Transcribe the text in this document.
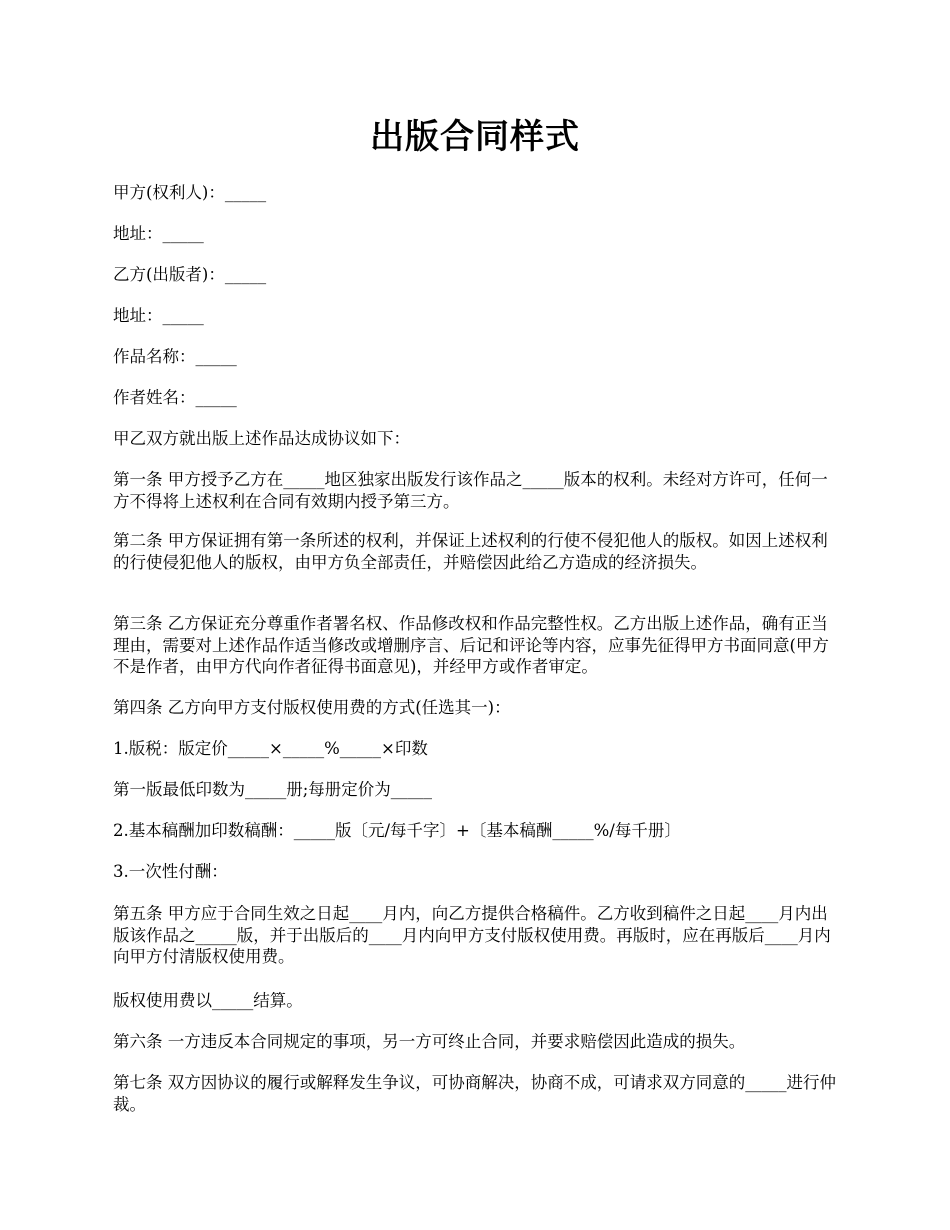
出版合同样式

甲方(权利人)：_____

地址：_____

乙方(出版者)：_____

地址：_____

作品名称：_____

作者姓名：_____

甲乙双方就出版上述作品达成协议如下：

第一条 甲方授予乙方在_____地区独家出版发行该作品之_____版本的权利。未经对方许可，任何一方不得将上述权利在合同有效期内授予第三方。

第二条 甲方保证拥有第一条所述的权利，并保证上述权利的行使不侵犯他人的版权。如因上述权利的行使侵犯他人的版权，由甲方负全部责任，并赔偿因此给乙方造成的经济损失。

第三条 乙方保证充分尊重作者署名权、作品修改权和作品完整性权。乙方出版上述作品，确有正当理由，需要对上述作品作适当修改或增删序言、后记和评论等内容，应事先征得甲方书面同意(甲方不是作者，由甲方代向作者征得书面意见)，并经甲方或作者审定。

第四条 乙方向甲方支付版权使用费的方式(任选其一)：

1.版税：版定价_____×_____%_____×印数

第一版最低印数为_____册;每册定价为_____

2.基本稿酬加印数稿酬：_____版〔元/每千字〕+〔基本稿酬_____%/每千册〕

3.一次性付酬：

第五条 甲方应于合同生效之日起____月内，向乙方提供合格稿件。乙方收到稿件之日起____月内出版该作品之_____版，并于出版后的____月内向甲方支付版权使用费。再版时，应在再版后____月内向甲方付清版权使用费。

版权使用费以_____结算。

第六条 一方违反本合同规定的事项，另一方可终止合同，并要求赔偿因此造成的损失。

第七条 双方因协议的履行或解释发生争议，可协商解决，协商不成，可请求双方同意的_____进行仲裁。
